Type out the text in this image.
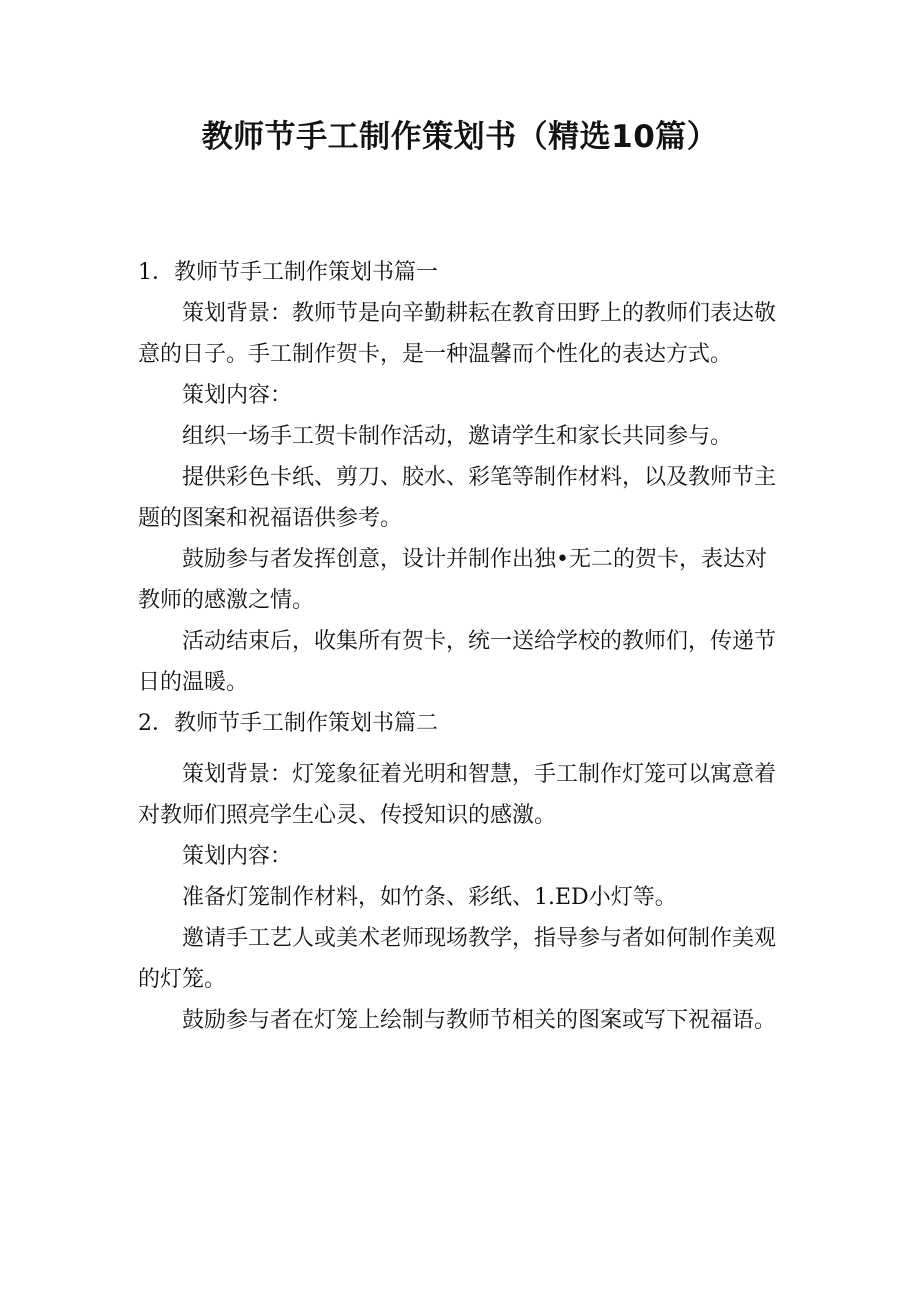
教师节手工制作策划书（精选10篇）

1．教师节手工制作策划书篇一

策划背景：教师节是向辛勤耕耘在教育田野上的教师们表达敬意的日子。手工制作贺卡，是一种温馨而个性化的表达方式。

策划内容：

组织一场手工贺卡制作活动，邀请学生和家长共同参与。

提供彩色卡纸、剪刀、胶水、彩笔等制作材料，以及教师节主题的图案和祝福语供参考。

鼓励参与者发挥创意，设计并制作出独•无二的贺卡，表达对教师的感激之情。

活动结束后，收集所有贺卡，统一送给学校的教师们，传递节日的温暖。

2．教师节手工制作策划书篇二

策划背景：灯笼象征着光明和智慧，手工制作灯笼可以寓意着对教师们照亮学生心灵、传授知识的感激。

策划内容：

准备灯笼制作材料，如竹条、彩纸、1.ED小灯等。

邀请手工艺人或美术老师现场教学，指导参与者如何制作美观的灯笼。

鼓励参与者在灯笼上绘制与教师节相关的图案或写下祝福语。
